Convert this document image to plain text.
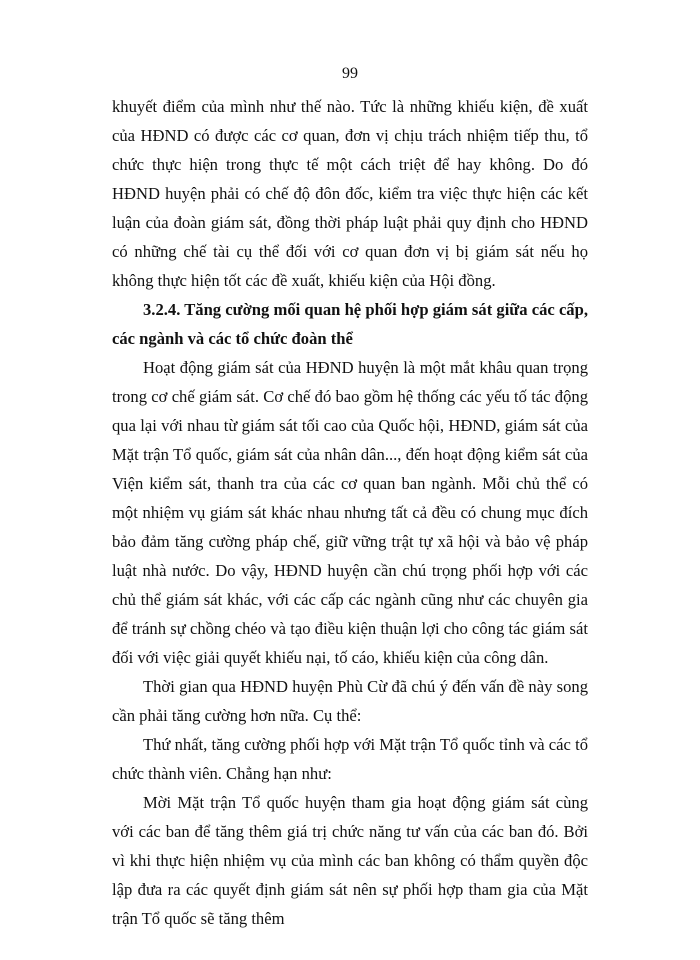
99

khuyết điểm của mình như thế nào. Tức là những khiếu kiện, đề xuất của HĐND có được các cơ quan, đơn vị chịu trách nhiệm tiếp thu, tổ chức thực hiện trong thực tế một cách triệt để hay không. Do đó HĐND huyện phải có chế độ đôn đốc, kiểm tra việc thực hiện các kết luận của đoàn giám sát, đồng thời pháp luật phải quy định cho HĐND có những chế tài cụ thể đối với cơ quan đơn vị bị giám sát nếu họ không thực hiện tốt các đề xuất, khiếu kiện của Hội đồng.

3.2.4. Tăng cường mối quan hệ phối hợp giám sát giữa các cấp, các ngành và các tổ chức đoàn thể

Hoạt động giám sát của HĐND huyện là một mắt khâu quan trọng trong cơ chế giám sát. Cơ chế đó bao gồm hệ thống các yếu tố tác động qua lại với nhau từ giám sát tối cao của Quốc hội, HĐND, giám sát của Mặt trận Tổ quốc, giám sát của nhân dân..., đến hoạt động kiểm sát của Viện kiểm sát, thanh tra của các cơ quan ban ngành. Mỗi chủ thể có một nhiệm vụ giám sát khác nhau nhưng tất cả đều có chung mục đích bảo đảm tăng cường pháp chế, giữ vững trật tự xã hội và bảo vệ pháp luật nhà nước. Do vậy, HĐND huyện cần chú trọng phối hợp với các chủ thể giám sát khác, với các cấp các ngành cũng như các chuyên gia để tránh sự chồng chéo và tạo điều kiện thuận lợi cho công tác giám sát đối với việc giải quyết khiếu nại, tố cáo, khiếu kiện của công dân.

Thời gian qua HĐND huyện Phù Cừ đã chú ý đến vấn đề này song cần phải tăng cường hơn nữa. Cụ thể:

Thứ nhất, tăng cường phối hợp với Mặt trận Tổ quốc tỉnh và các tổ chức thành viên. Chẳng hạn như:

Mời Mặt trận Tổ quốc huyện tham gia hoạt động giám sát cùng với các ban để tăng thêm giá trị chức năng tư vấn của các ban đó. Bởi vì khi thực hiện nhiệm vụ của mình các ban không có thẩm quyền độc lập đưa ra các quyết định giám sát nên sự phối hợp tham gia của Mặt trận Tổ quốc sẽ tăng thêm
